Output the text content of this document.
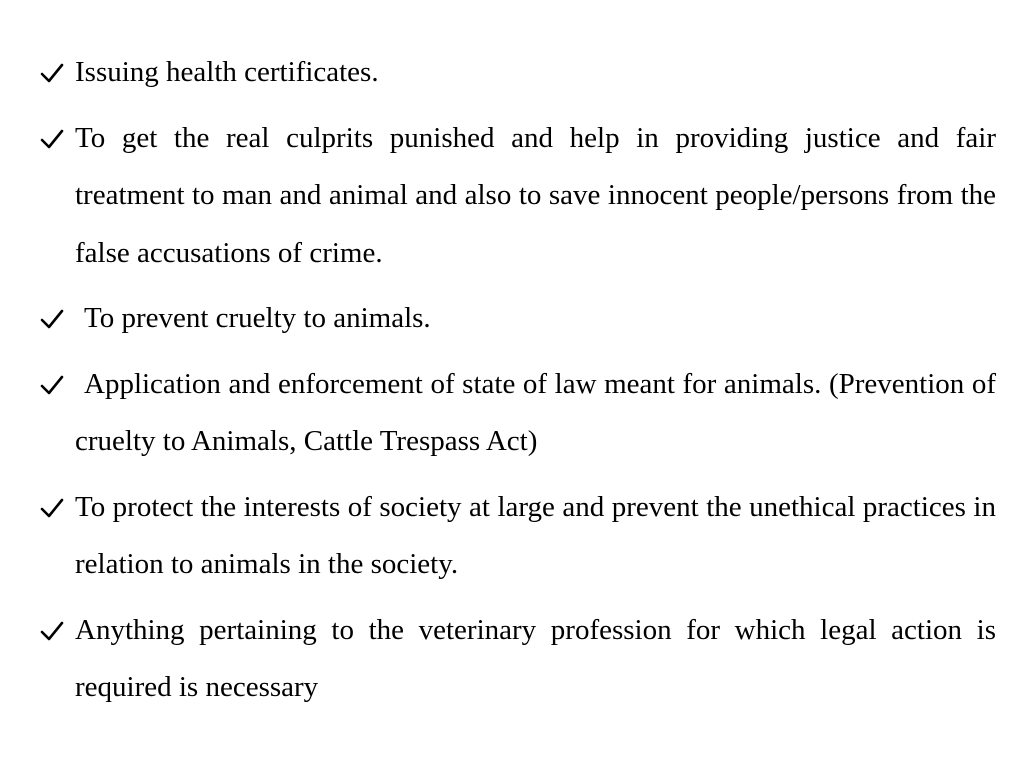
Issuing health certificates.
To get the real culprits punished and help in providing justice and fair treatment to man and animal and also to save innocent people/persons from the false accusations of crime.
To prevent cruelty to animals.
Application and enforcement of state of law meant for animals. (Prevention of cruelty to Animals, Cattle Trespass Act)
To protect the interests of society at large and prevent the unethical practices in relation to animals in the society.
Anything pertaining to the veterinary profession for which legal action is required is necessary
